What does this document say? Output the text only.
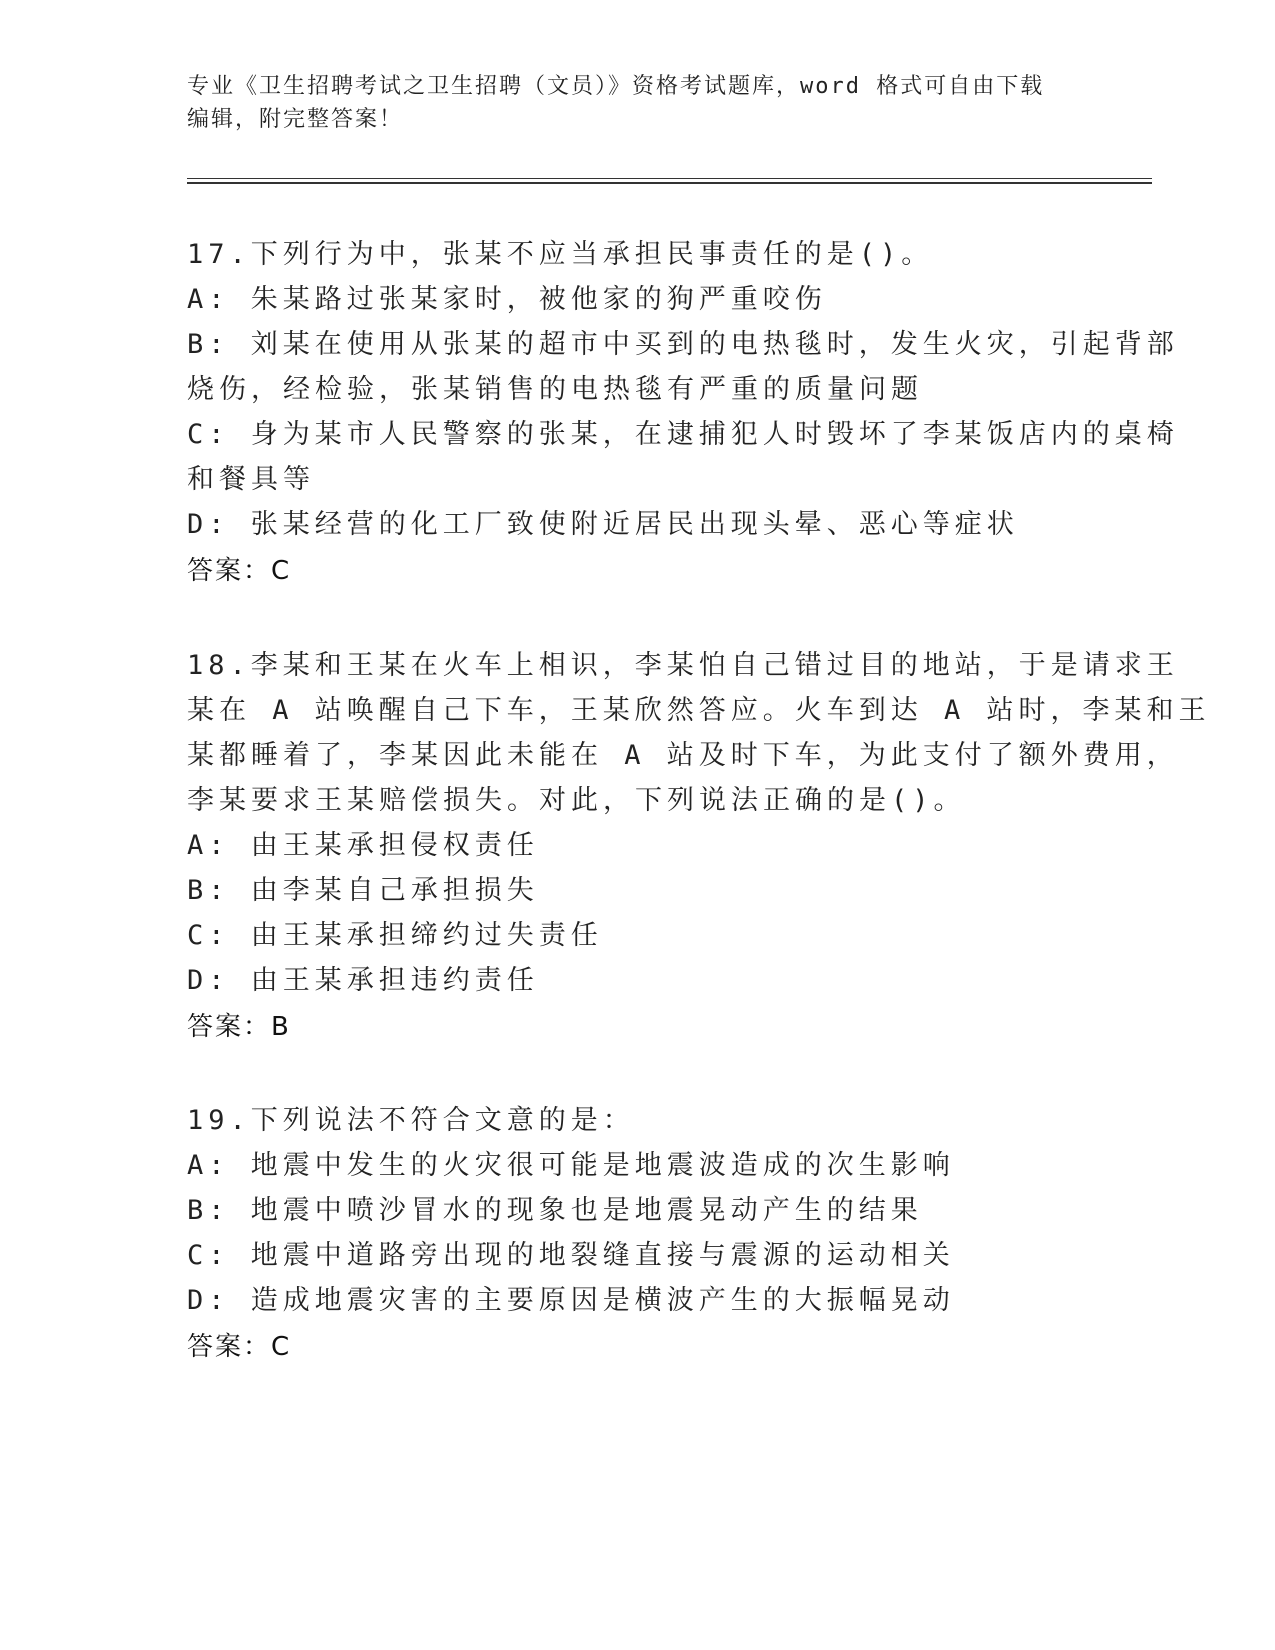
专业《卫生招聘考试之卫生招聘（文员）》资格考试题库，word 格式可自由下载
编辑，附完整答案！
17.下列行为中，张某不应当承担民事责任的是()。
A: 朱某路过张某家时，被他家的狗严重咬伤
B: 刘某在使用从张某的超市中买到的电热毯时，发生火灾，引起背部
烧伤，经检验，张某销售的电热毯有严重的质量问题
C: 身为某市人民警察的张某，在逮捕犯人时毁坏了李某饭店内的桌椅
和餐具等
D: 张某经营的化工厂致使附近居民出现头晕、恶心等症状
答案：C
18.李某和王某在火车上相识，李某怕自己错过目的地站，于是请求王
某在 A 站唤醒自己下车，王某欣然答应。火车到达 A 站时，李某和王
某都睡着了，李某因此未能在 A 站及时下车，为此支付了额外费用，
李某要求王某赔偿损失。对此，下列说法正确的是()。
A: 由王某承担侵权责任
B: 由李某自己承担损失
C: 由王某承担缔约过失责任
D: 由王某承担违约责任
答案：B
19.下列说法不符合文意的是：
A: 地震中发生的火灾很可能是地震波造成的次生影响
B: 地震中喷沙冒水的现象也是地震晃动产生的结果
C: 地震中道路旁出现的地裂缝直接与震源的运动相关
D: 造成地震灾害的主要原因是横波产生的大振幅晃动
答案：C
